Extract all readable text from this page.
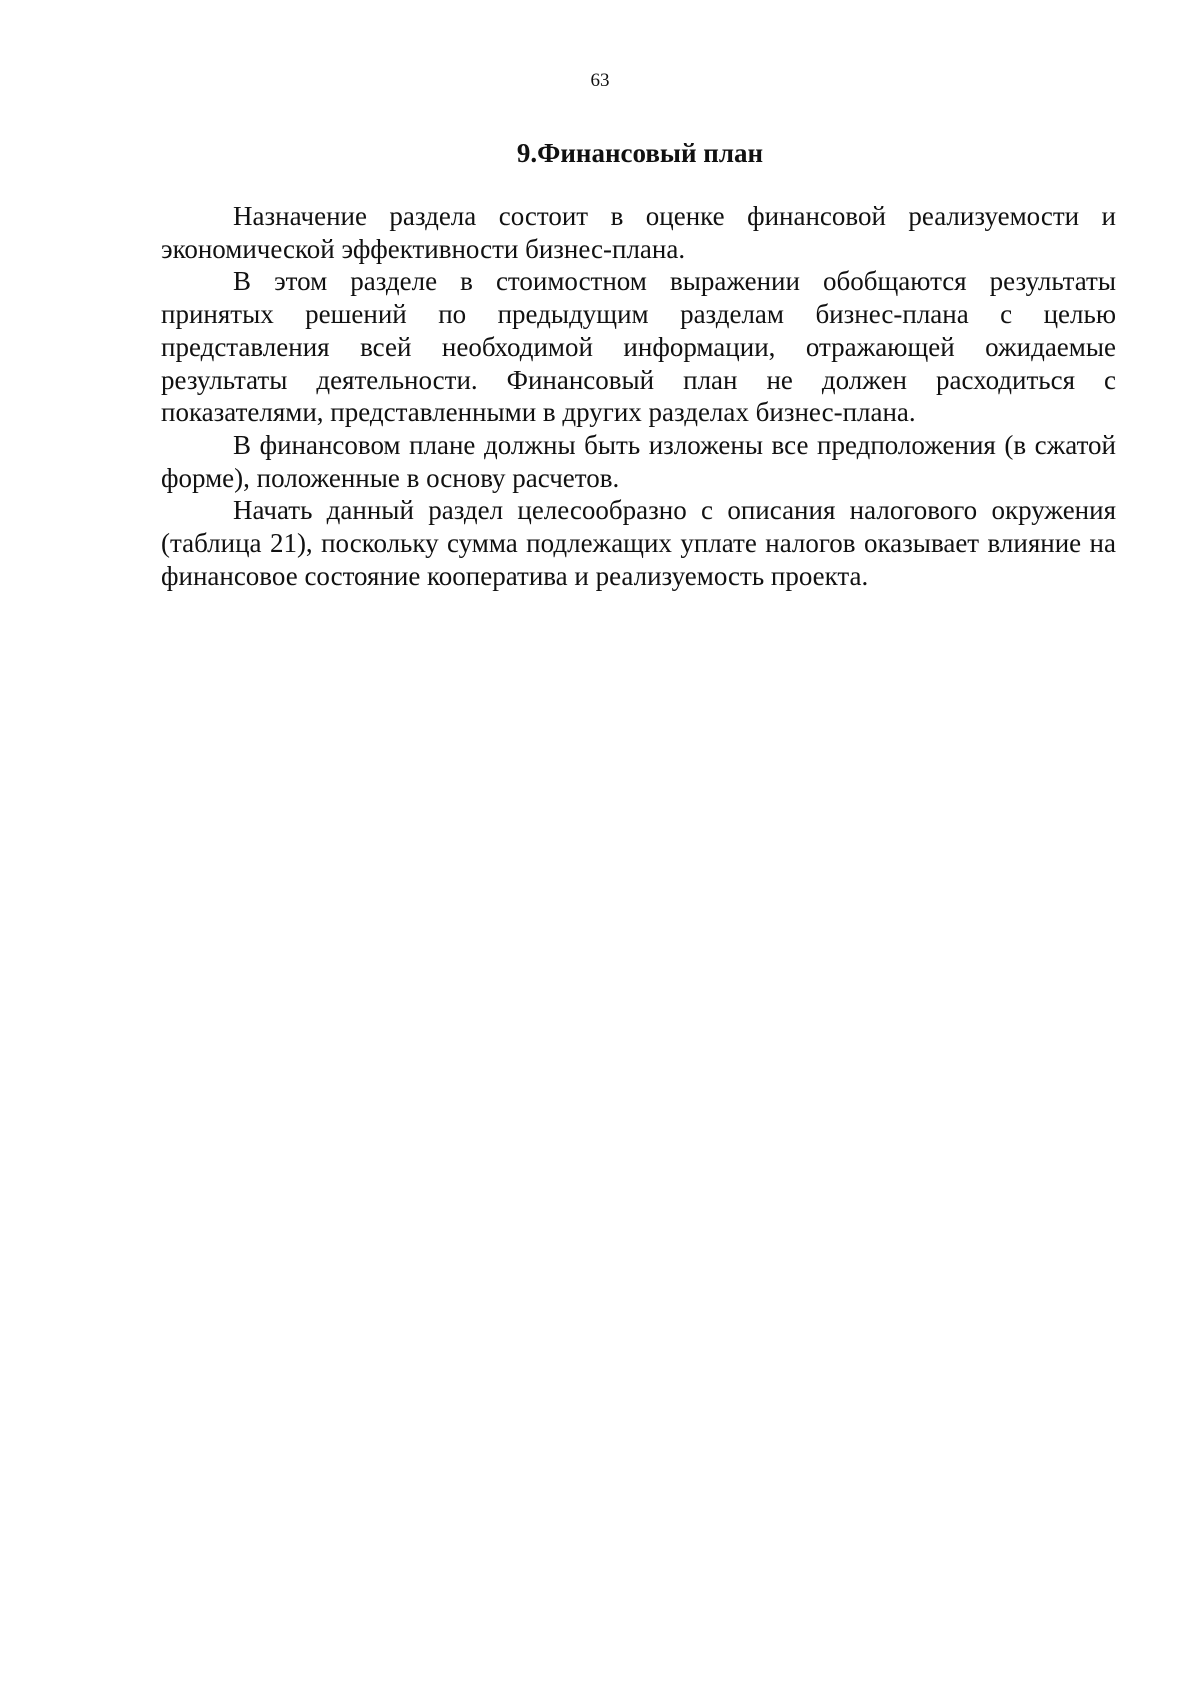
63
9.Финансовый план

Назначение раздела состоит в оценке финансовой реализуемости и экономической эффективности бизнес-плана.

В этом разделе в стоимостном выражении обобщаются результаты принятых решений по предыдущим разделам бизнес-плана с целью представления всей необходимой информации, отражающей ожидаемые результаты деятельности. Финансовый план не должен расходиться с показателями, представленными в других разделах бизнес-плана.

В финансовом плане должны быть изложены все предположения (в сжатой форме), положенные в основу расчетов.

Начать данный раздел целесообразно с описания налогового окружения (таблица 21), поскольку сумма подлежащих уплате налогов оказывает влияние на финансовое состояние кооператива и реализуемость проекта.
